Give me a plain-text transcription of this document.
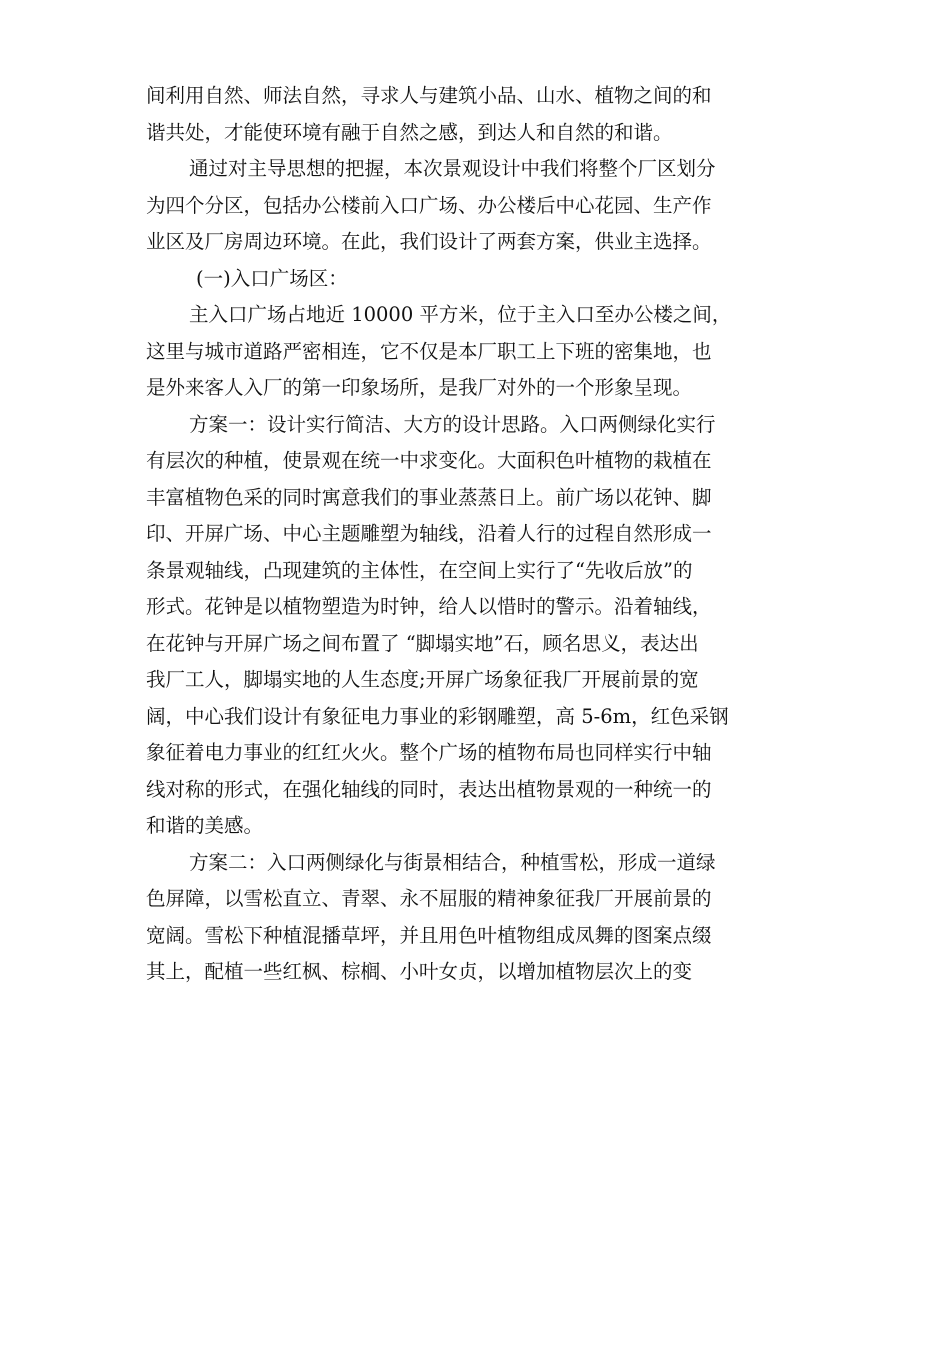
间利用自然、师法自然，寻求人与建筑小品、山水、植物之间的和
谐共处，才能使环境有融于自然之感，到达人和自然的和谐。
通过对主导思想的把握，本次景观设计中我们将整个厂区划分
为四个分区，包括办公楼前入口广场、办公楼后中心花园、生产作
业区及厂房周边环境。在此，我们设计了两套方案，供业主选择。
(一)入口广场区：
主入口广场占地近 10000 平方米，位于主入口至办公楼之间，
这里与城市道路严密相连，它不仅是本厂职工上下班的密集地，也
是外来客人入厂的第一印象场所，是我厂对外的一个形象呈现。
方案一：设计实行简洁、大方的设计思路。入口两侧绿化实行
有层次的种植，使景观在统一中求变化。大面积色叶植物的栽植在
丰富植物色采的同时寓意我们的事业蒸蒸日上。前广场以花钟、脚
印、开屏广场、中心主题雕塑为轴线，沿着人行的过程自然形成一
条景观轴线，凸现建筑的主体性，在空间上实行了“先收后放”的
形式。花钟是以植物塑造为时钟，给人以惜时的警示。沿着轴线，
在花钟与开屏广场之间布置了 “脚塌实地”石，顾名思义，表达出
我厂工人，脚塌实地的人生态度;开屏广场象征我厂开展前景的宽
阔，中心我们设计有象征电力事业的彩钢雕塑，高 5-6m，红色采钢
象征着电力事业的红红火火。整个广场的植物布局也同样实行中轴
线对称的形式，在强化轴线的同时，表达出植物景观的一种统一的
和谐的美感。
方案二：入口两侧绿化与街景相结合，种植雪松，形成一道绿
色屏障，以雪松直立、青翠、永不屈服的精神象征我厂开展前景的
宽阔。雪松下种植混播草坪，并且用色叶植物组成凤舞的图案点缀
其上，配植一些红枫、棕榈、小叶女贞，以增加植物层次上的变
